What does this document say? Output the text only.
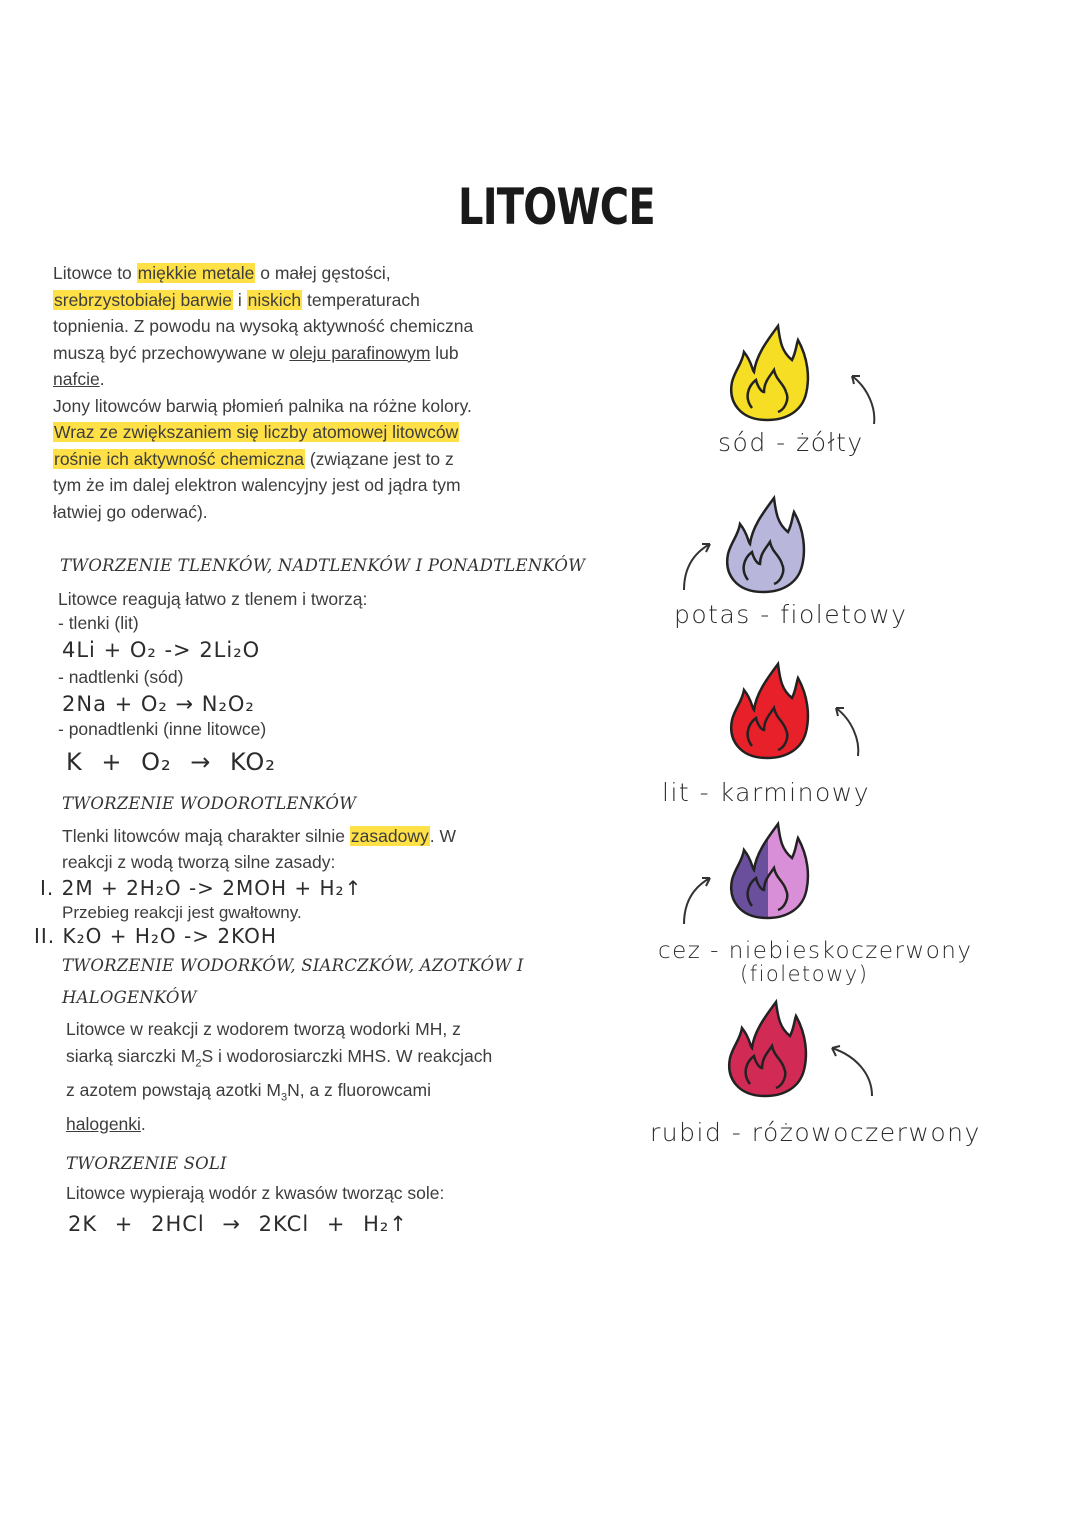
LITOWCE
Litowce to miękkie metale o małej gęstości,
srebrzystobiałej barwie i niskich temperaturach
topnienia. Z powodu na wysoką aktywność chemiczna
muszą być przechowywane w oleju parafinowym lub
nafcie.
Jony litowców barwią płomień palnika na różne kolory.
Wraz ze zwiększaniem się liczby atomowej litowców
rośnie ich aktywność chemiczna (związane jest to z
tym że im dalej elektron walencyjny jest od jądra tym
łatwiej go oderwać).
TWORZENIE TLENKÓW, NADTLENKÓW I PONADTLENKÓW
Litowce reagują łatwo z tlenem i tworzą:
- tlenki (lit)
4Li + O₂ -> 2Li₂O
- nadtlenki (sód)
2Na + O₂ → N₂O₂
- ponadtlenki (inne litowce)
K + O₂ → KO₂
TWORZENIE WODOROTLENKÓW
Tlenki litowców mają charakter silnie zasadowy. W
reakcji z wodą tworzą silne zasady:
I. 2M + 2H₂O -> 2MOH + H₂↑
Przebieg reakcji jest gwałtowny.
II. K₂O + H₂O -> 2KOH
TWORZENIE WODORKÓW, SIARCZKÓW, AZOTKÓW I
HALOGENKÓW
Litowce w reakcji z wodorem tworzą wodorki MH, z
siarką siarczki $M_2S$ i wodorosiarczki MHS. W reakcjach
z azotem powstają azotki $M_3N$, a z fluorowcami
halogenki.
TWORZENIE SOLI
Litowce wypierają wodór z kwasów tworząc sole:
2K + 2HCl → 2KCl + H₂↑
sód - żółty
potas - fioletowy
lit - karminowy
cez - niebieskoczerwony
(fioletowy)
rubid - różowoczerwony
